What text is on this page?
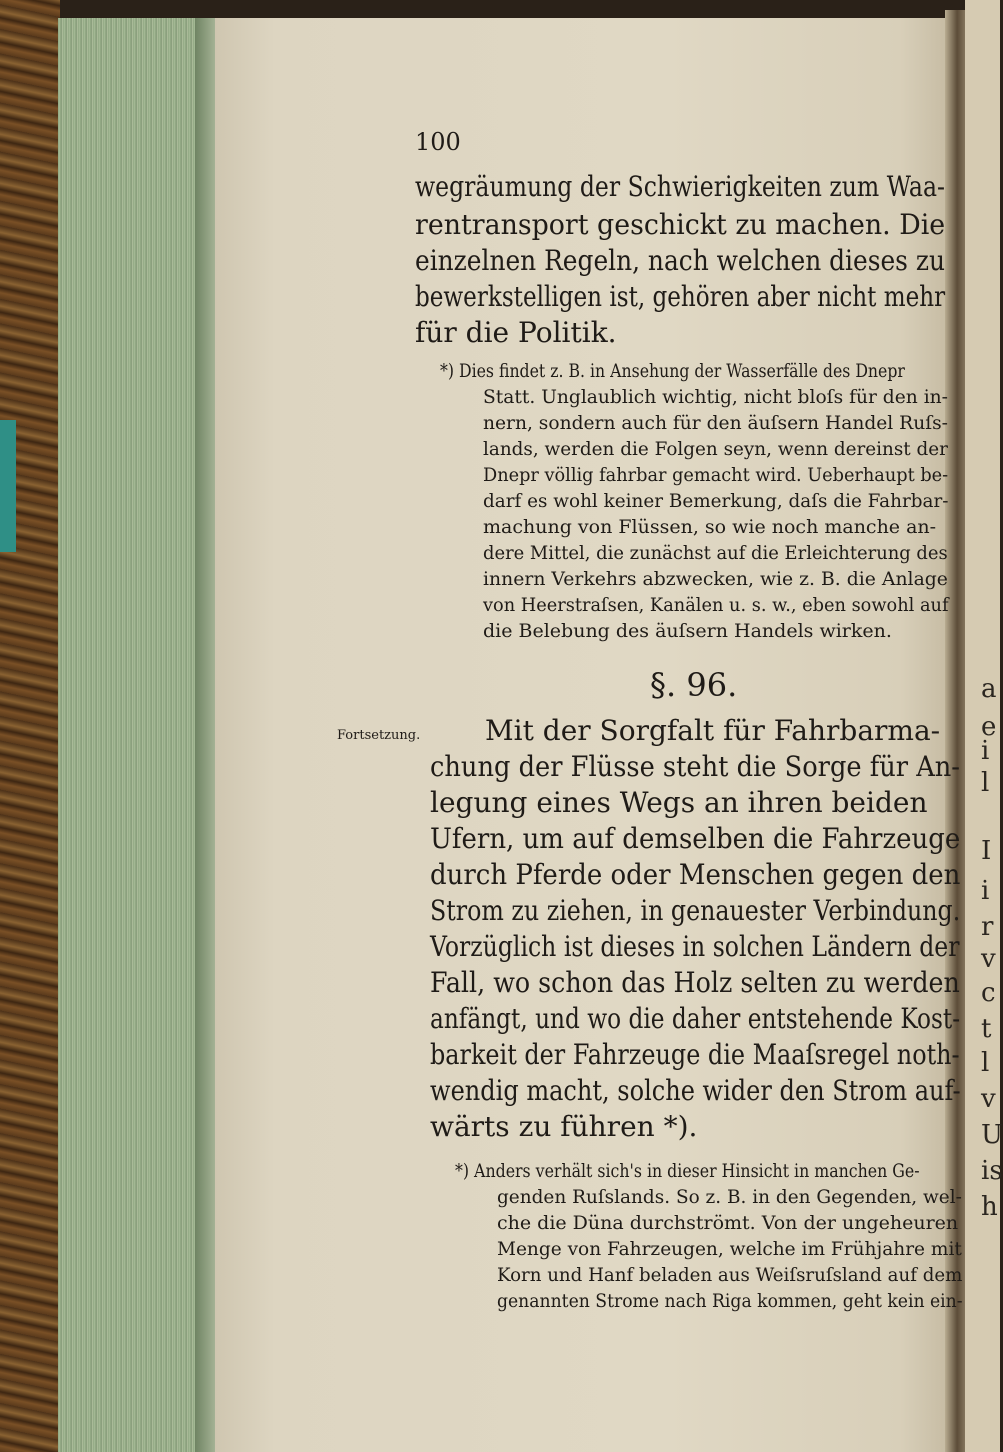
a
e
i
l
I
i
r
v
c
t
l
v
U
is
h
100
wegräumung der Schwierigkeiten zum Waa-
rentransport geschickt zu machen. Die
einzelnen Regeln, nach welchen dieses zu
bewerkstelligen ist, gehören aber nicht mehr
für die Politik.
*) Dies findet z. B. in Ansehung der Wasserfälle des Dnepr
Statt. Unglaublich wichtig, nicht bloſs für den in-
nern, sondern auch für den äuſsern Handel Ruſs-
lands, werden die Folgen seyn, wenn dereinst der
Dnepr völlig fahrbar gemacht wird. Ueberhaupt be-
darf es wohl keiner Bemerkung, daſs die Fahrbar-
machung von Flüssen, so wie noch manche an-
dere Mittel, die zunächst auf die Erleichterung des
innern Verkehrs abzwecken, wie z. B. die Anlage
von Heerstraſsen, Kanälen u. s. w., eben sowohl auf
die Belebung des äuſsern Handels wirken.
§. 96.
Fortsetzung. Mit der Sorgfalt für Fahrbarma-
chung der Flüsse steht die Sorge für An-
legung eines Wegs an ihren beiden
Ufern, um auf demselben die Fahrzeuge
durch Pferde oder Menschen gegen den
Strom zu ziehen, in genauester Verbindung.
Vorzüglich ist dieses in solchen Ländern der
Fall, wo schon das Holz selten zu werden
anfängt, und wo die daher entstehende Kost-
barkeit der Fahrzeuge die Maaſsregel noth-
wendig macht, solche wider den Strom auf-
wärts zu führen *).
*) Anders verhält sich's in dieser Hinsicht in manchen Ge-
genden Ruſslands. So z. B. in den Gegenden, wel-
che die Düna durchströmt. Von der ungeheuren
Menge von Fahrzeugen, welche im Frühjahre mit
Korn und Hanf beladen aus Weiſsruſsland auf dem
genannten Strome nach Riga kommen, geht kein ein-
